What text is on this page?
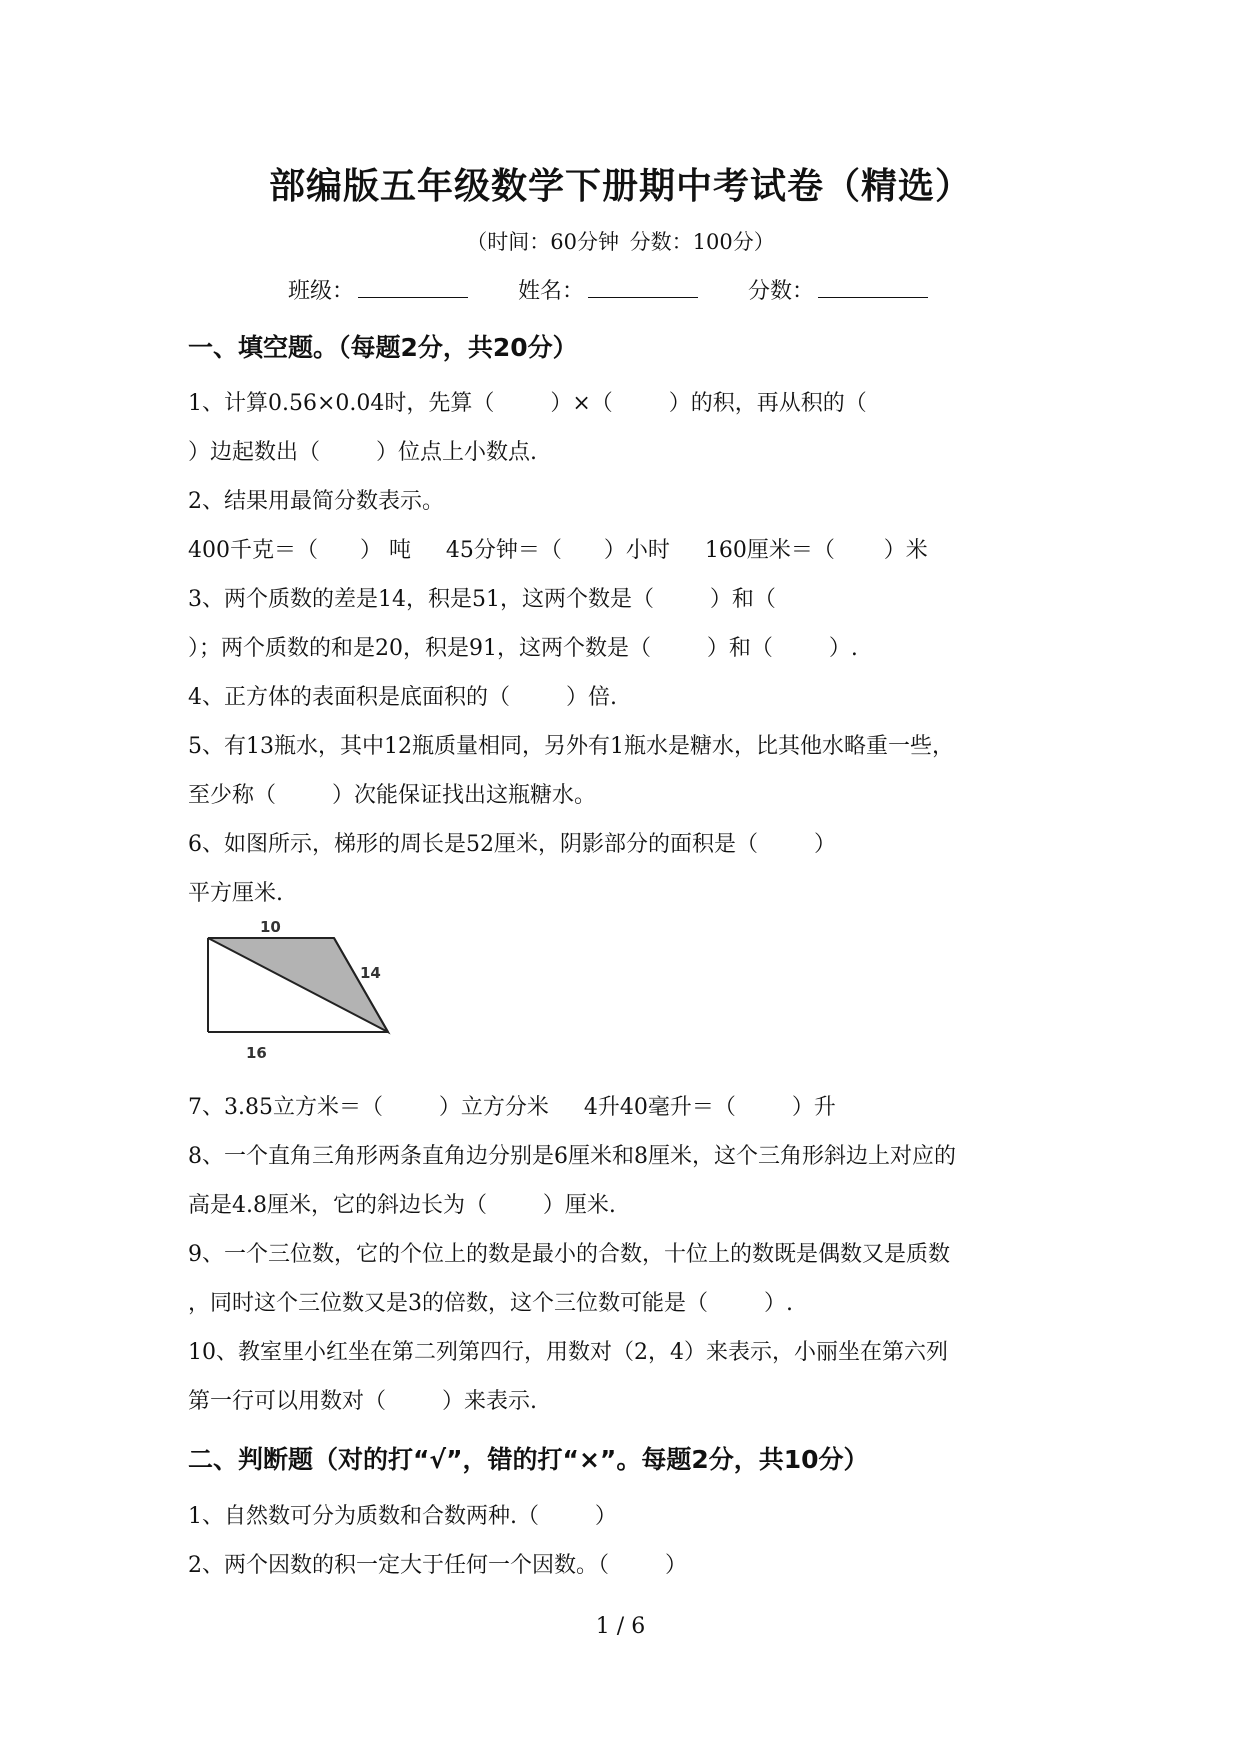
部编版五年级数学下册期中考试卷（精选）
（时间：60分钟 分数：100分）
班级：	姓名：	分数：
一、填空题。（每题2分，共20分）
1、计算0.56×0.04时，先算（        ）×（        ）的积，再从积的（
）边起数出（        ）位点上小数点.
2、结果用最简分数表示。
400千克＝（      ） 吨     45分钟＝（      ）小时     160厘米＝（       ）米
3、两个质数的差是14，积是51，这两个数是（        ）和（
）；两个质数的和是20，积是91，这两个数是（        ）和（        ）.
4、正方体的表面积是底面积的（        ）倍.
5、有13瓶水，其中12瓶质量相同，另外有1瓶水是糖水，比其他水略重一些，
至少称（        ）次能保证找出这瓶糖水。
6、如图所示，梯形的周长是52厘米，阴影部分的面积是（        ）
平方厘米.
10
14
16
7、3.85立方米＝（        ）立方分米     4升40毫升＝（        ）升
8、一个直角三角形两条直角边分别是6厘米和8厘米，这个三角形斜边上对应的
高是4.8厘米，它的斜边长为（        ）厘米.
9、一个三位数，它的个位上的数是最小的合数，十位上的数既是偶数又是质数
，同时这个三位数又是3的倍数，这个三位数可能是（        ）.
10、教室里小红坐在第二列第四行，用数对（2，4）来表示，小丽坐在第六列
第一行可以用数对（        ）来表示.
二、判断题（对的打“√”，错的打“×”。每题2分，共10分）
1、自然数可分为质数和合数两种.（        ）
2、两个因数的积一定大于任何一个因数。（        ）
1 / 6
